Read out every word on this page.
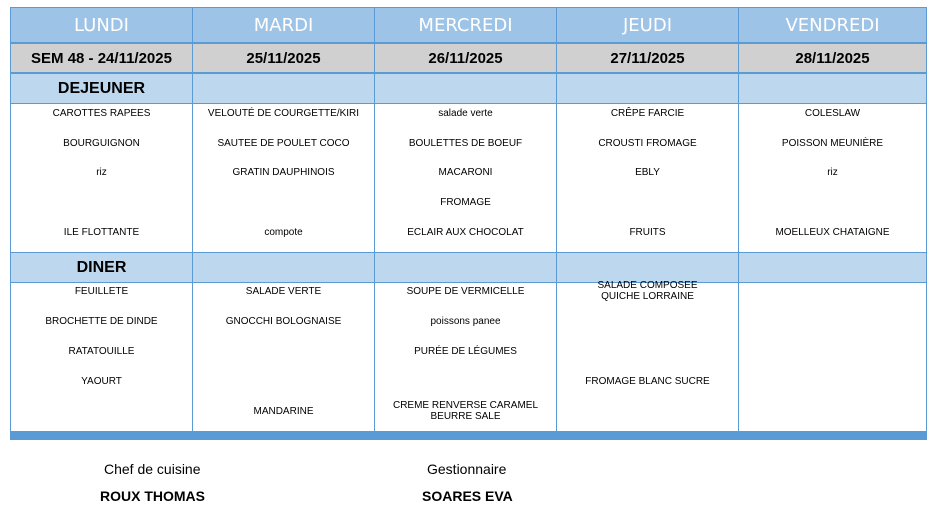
LUNDI
SEM 48 - 24/11/2025
DEJEUNER
DINER
CAROTTES RAPEES
BOURGUIGNON
riz
ILE FLOTTANTE
FEUILLETE
BROCHETTE DE DINDE
RATATOUILLE
YAOURT
MARDI
25/11/2025
VELOUTÉ DE COURGETTE/KIRI
SAUTEE DE POULET COCO
GRATIN DAUPHINOIS
compote
SALADE VERTE
GNOCCHI BOLOGNAISE
MANDARINE
MERCREDI
26/11/2025
salade verte
BOULETTES DE BOEUF
MACARONI
FROMAGE
ECLAIR AUX CHOCOLAT
SOUPE DE VERMICELLE
poissons panee
PURÉE DE LÉGUMES
CREME RENVERSE CARAMEL
BEURRE SALE
JEUDI
27/11/2025
CRÊPE FARCIE
CROUSTI FROMAGE
EBLY
FRUITS
SALADE COMPOSEE
QUICHE LORRAINE
FROMAGE BLANC SUCRE
VENDREDI
28/11/2025
COLESLAW
POISSON MEUNIÈRE
riz
MOELLEUX CHATAIGNE
Chef de cuisine
ROUX THOMAS
Gestionnaire
SOARES EVA
